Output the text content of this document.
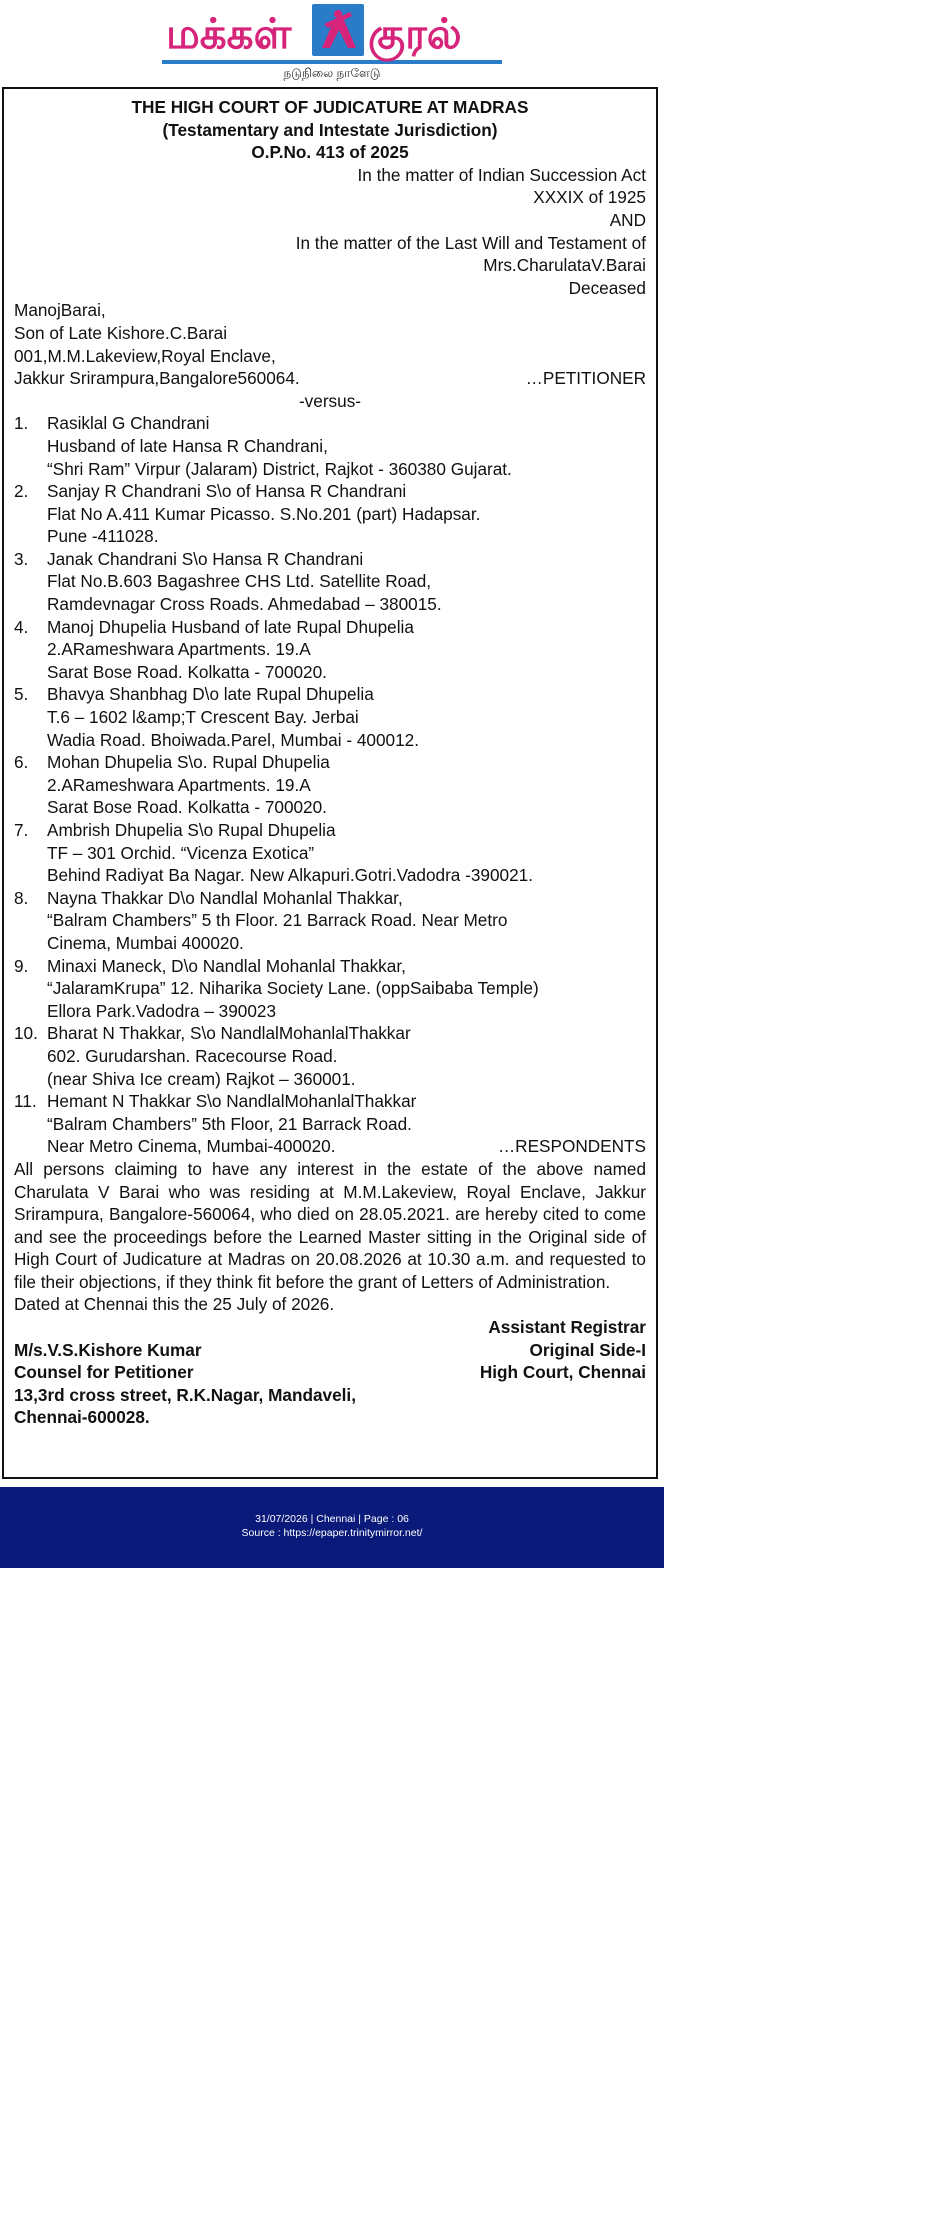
மக்கள் குரல்
நடுநிலை நாளேடு
THE HIGH COURT OF JUDICATURE AT MADRAS
(Testamentary and Intestate Jurisdiction)
O.P.No. 413 of 2025
In the matter of Indian Succession Act
XXXIX of 1925
AND
In the matter of the Last Will and Testament of
Mrs.CharulataV.Barai
Deceased
ManojBarai,
Son of Late Kishore.C.Barai
001,M.M.Lakeview,Royal Enclave,
Jakkur Srirampura,Bangalore560064.	…PETITIONER
-versus-
1.	Rasiklal G Chandrani
Husband of late Hansa R Chandrani,
“Shri Ram” Virpur (Jalaram) District, Rajkot - 360380 Gujarat.
2.	Sanjay R Chandrani S\o of Hansa R Chandrani
Flat No A.411 Kumar Picasso. S.No.201 (part) Hadapsar.
Pune -411028.
3.	Janak Chandrani S\o Hansa R Chandrani
Flat No.B.603 Bagashree CHS Ltd. Satellite Road,
Ramdevnagar Cross Roads. Ahmedabad – 380015.
4.	Manoj Dhupelia Husband of late Rupal Dhupelia
2.ARameshwara Apartments. 19.A
Sarat Bose Road. Kolkatta - 700020.
5.	Bhavya Shanbhag D\o late Rupal Dhupelia
T.6 – 1602 l&amp;T Crescent Bay. Jerbai
Wadia Road. Bhoiwada.Parel, Mumbai - 400012.
6.	Mohan Dhupelia S\o. Rupal Dhupelia
2.ARameshwara Apartments. 19.A
Sarat Bose Road. Kolkatta - 700020.
7.	Ambrish Dhupelia S\o Rupal Dhupelia
TF – 301 Orchid. “Vicenza Exotica”
Behind Radiyat Ba Nagar. New Alkapuri.Gotri.Vadodra -390021.
8.	Nayna Thakkar D\o Nandlal Mohanlal Thakkar,
“Balram Chambers” 5 th Floor. 21 Barrack Road. Near Metro
Cinema, Mumbai 400020.
9.	Minaxi Maneck, D\o Nandlal Mohanlal Thakkar,
“JalaramKrupa” 12. Niharika Society Lane. (oppSaibaba Temple)
Ellora Park.Vadodra – 390023
10. Bharat N Thakkar, S\o NandlalMohanlalThakkar
602. Gurudarshan. Racecourse Road.
(near Shiva Ice cream) Rajkot – 360001.
11. Hemant N Thakkar S\o NandlalMohanlalThakkar
“Balram Chambers” 5th Floor, 21 Barrack Road.
Near Metro Cinema, Mumbai-400020.	…RESPONDENTS
All persons claiming to have any interest in the estate of the above named Charulata V Barai who was residing at M.M.Lakeview, Royal Enclave, Jakkur Srirampura, Bangalore-560064, who died on 28.05.2021. are hereby cited to come and see the proceedings before the Learned Master sitting in the Original side of High Court of Judicature at Madras on 20.08.2026 at 10.30 a.m. and requested to file their objections, if they think fit before the grant of Letters of Administration.
Dated at Chennai this the 25 July of 2026.
Assistant Registrar
M/s.V.S.Kishore Kumar	Original Side-I
Counsel for Petitioner	High Court, Chennai
13,3rd cross street, R.K.Nagar, Mandaveli,
Chennai-600028.
31/07/2026 | Chennai | Page : 06
Source : https://epaper.trinitymirror.net/
